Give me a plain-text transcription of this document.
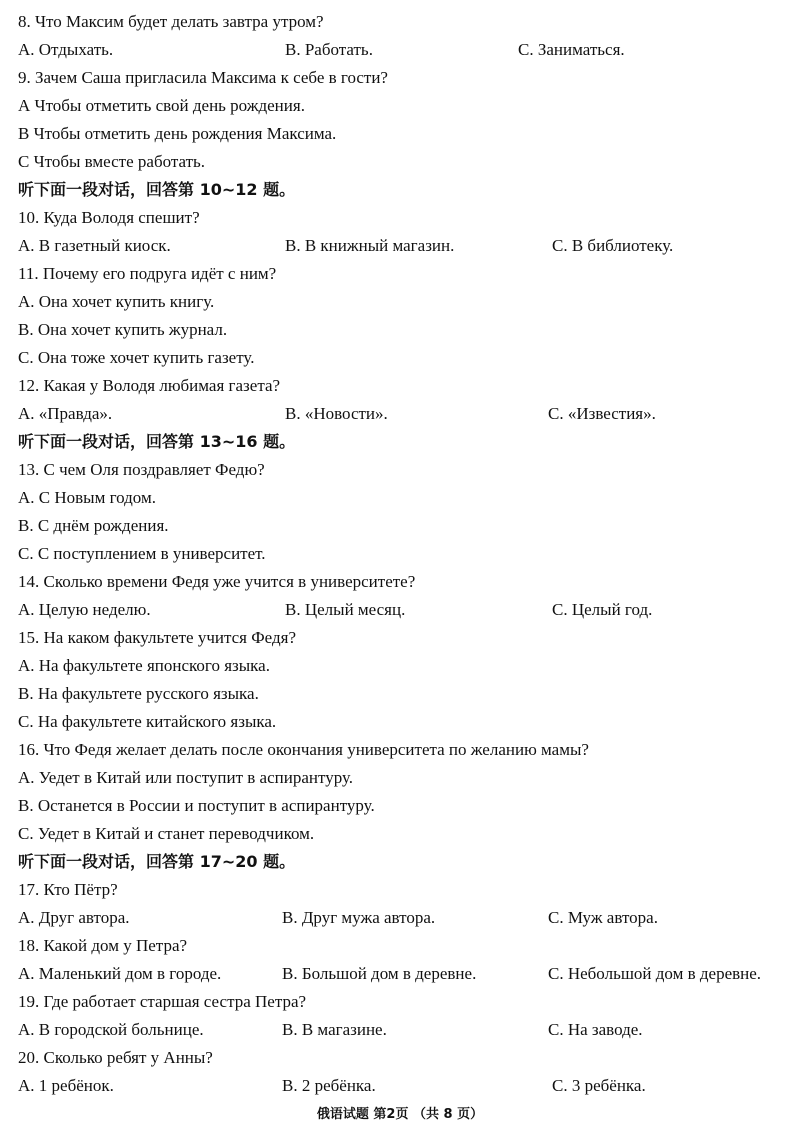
8. Что Максим будет делать завтра утром?
А. Отдыхать.	В. Работать.	С. Заниматься.
9. Зачем Саша пригласила Максима к себе в гости?
А Чтобы отметить свой день рождения.
В Чтобы отметить день рождения Максима.
С Чтобы вместе работать.
听下面一段对话，回答第 10~12 题。
10. Куда Володя спешит?
А. В газетный киоск.	В. В книжный магазин.	С. В библиотеку.
11. Почему его подруга идёт с ним?
А. Она хочет купить книгу.
В. Она хочет купить журнал.
С. Она тоже хочет купить газету.
12. Какая у Володя любимая газета?
А. «Правда».	В. «Новости».	С. «Известия».
听下面一段对话，回答第 13~16 题。
13. С чем Оля поздравляет Федю?
А. С Новым годом.
В. С днём рождения.
С. С поступлением в университет.
14. Сколько времени Федя уже учится в университете?
А. Целую неделю.	В. Целый месяц.	С. Целый год.
15. На каком факультете учится Федя?
А. На факультете японского языка.
В. На факультете русского языка.
С. На факультете китайского языка.
16. Что Федя желает делать после окончания университета по желанию мамы?
А. Уедет в Китай или поступит в аспирантуру.
В. Останется в России и поступит в аспирантуру.
С. Уедет в Китай и станет переводчиком.
听下面一段对话，回答第 17~20 题。
17. Кто Пётр?
А. Друг автора.	В. Друг мужа автора.	С. Муж автора.
18. Какой дом у Петра?
А. Маленький дом в городе.	В. Большой дом в деревне.	С. Небольшой дом в деревне.
19. Где работает старшая сестра Петра?
А. В городской больнице.	В. В магазине.	С. На заводе.
20. Сколько ребят у Анны?
А. 1 ребёнок.	В. 2 ребёнка.	С. 3 ребёнка.
俄语试题 第2页 （共 8 页）
